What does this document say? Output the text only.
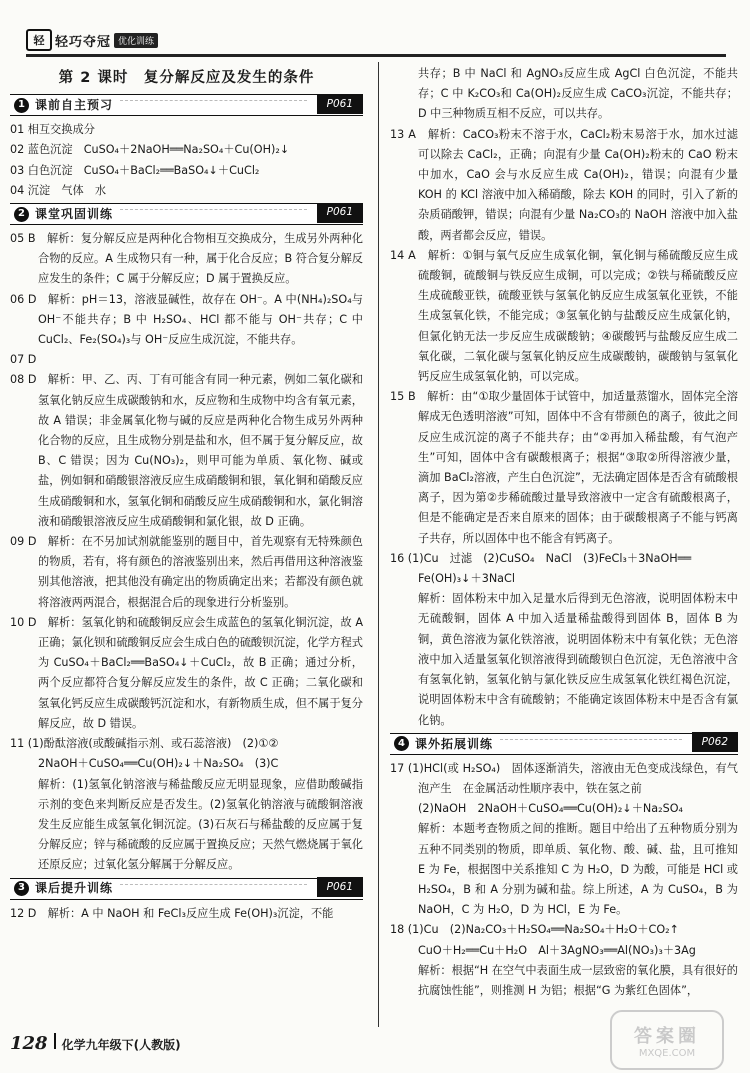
轻 轻巧夺冠 优化训练
第 2 课时　复分解反应及发生的条件
1 课前自主预习	P061

01 相互交换成分

02 蓝色沉淀　CuSO₄＋2NaOH══Na₂SO₄＋Cu(OH)₂↓

03 白色沉淀　CuSO₄＋BaCl₂══BaSO₄↓＋CuCl₂

04 沉淀　气体　水

2 课堂巩固训练	P061

05 B　解析：复分解反应是两种化合物相互交换成分，生成另外两种化合物的反应。A 生成物只有一种，属于化合反应；B 符合复分解反应发生的条件；C 属于分解反应；D 属于置换反应。

06 D　解析：pH＝13，溶液显碱性，故存在 OH⁻。A 中(NH₄)₂SO₄与 OH⁻不能共存；B 中 H₂SO₄、HCl 都不能与 OH⁻共存；C 中 CuCl₂、Fe₂(SO₄)₃与 OH⁻反应生成沉淀，不能共存。

07 D

08 D　解析：甲、乙、丙、丁有可能含有同一种元素，例如二氧化碳和氢氧化钠反应生成碳酸钠和水，反应物和生成物中均含有氧元素，故 A 错误；非金属氧化物与碱的反应是两种化合物生成另外两种化合物的反应，且生成物分别是盐和水，但不属于复分解反应，故 B、C 错误；因为 Cu(NO₃)₂，则甲可能为单质、氧化物、碱或盐，例如铜和硝酸银溶液反应生成硝酸铜和银，氧化铜和硝酸反应生成硝酸铜和水，氢氧化铜和硝酸反应生成硝酸铜和水，氯化铜溶液和硝酸银溶液反应生成硝酸铜和氯化银，故 D 正确。

09 D　解析：在不另加试剂就能鉴别的题目中，首先观察有无特殊颜色的物质，若有，将有颜色的溶液鉴别出来，然后再借用这种溶液鉴别其他溶液，把其他没有确定出的物质确定出来；若都没有颜色就将溶液两两混合，根据混合后的现象进行分析鉴别。

10 D　解析：氢氧化钠和硫酸铜反应会生成蓝色的氢氧化铜沉淀，故 A 正确；氯化钡和硫酸铜反应会生成白色的硫酸钡沉淀，化学方程式为 CuSO₄＋BaCl₂══BaSO₄↓＋CuCl₂，故 B 正确；通过分析，两个反应都符合复分解反应发生的条件，故 C 正确；二氧化碳和氢氧化钙反应生成碳酸钙沉淀和水，有新物质生成，但不属于复分解反应，故 D 错误。

11 (1)酚酞溶液(或酸碱指示剂、或石蕊溶液)　(2)①②

2NaOH＋CuSO₄══Cu(OH)₂↓＋Na₂SO₄　(3)C

解析：(1)氢氧化钠溶液与稀盐酸反应无明显现象，应借助酸碱指示剂的变色来判断反应是否发生。(2)氢氧化钠溶液与硫酸铜溶液发生反应能生成氢氧化铜沉淀。(3)石灰石与稀盐酸的反应属于复分解反应；锌与稀硫酸的反应属于置换反应；天然气燃烧属于氧化还原反应；过氧化氢分解属于分解反应。

3 课后提升训练	P061

12 D　解析：A 中 NaOH 和 FeCl₃反应生成 Fe(OH)₃沉淀，不能

共存；B 中 NaCl 和 AgNO₃反应生成 AgCl 白色沉淀，不能共存；C 中 K₂CO₃和 Ca(OH)₂反应生成 CaCO₃沉淀，不能共存；D 中三种物质互相不反应，可以共存。

13 A　解析：CaCO₃粉末不溶于水，CaCl₂粉末易溶于水，加水过滤可以除去 CaCl₂，正确；向混有少量 Ca(OH)₂粉末的 CaO 粉末中加水，CaO 会与水反应生成 Ca(OH)₂，错误；向混有少量 KOH 的 KCl 溶液中加入稀硝酸，除去 KOH 的同时，引入了新的杂质硝酸钾，错误；向混有少量 Na₂CO₃的 NaOH 溶液中加入盐酸，两者都会反应，错误。

14 A　解析：①铜与氧气反应生成氧化铜，氧化铜与稀硫酸反应生成硫酸铜，硫酸铜与铁反应生成铜，可以完成；②铁与稀硫酸反应生成硫酸亚铁，硫酸亚铁与氢氧化钠反应生成氢氧化亚铁，不能生成氢氧化铁，不能完成；③氢氧化钠与盐酸反应生成氯化钠，但氯化钠无法一步反应生成碳酸钠；④碳酸钙与盐酸反应生成二氧化碳，二氧化碳与氢氧化钠反应生成碳酸钠，碳酸钠与氢氧化钙反应生成氢氧化钠，可以完成。

15 B　解析：由“①取少量固体于试管中，加适量蒸馏水，固体完全溶解成无色透明溶液”可知，固体中不含有带颜色的离子，彼此之间反应生成沉淀的离子不能共存；由“②再加入稀盐酸，有气泡产生”可知，固体中含有碳酸根离子；根据“③取②所得溶液少量，滴加 BaCl₂溶液，产生白色沉淀”，无法确定固体是否含有硫酸根离子，因为第②步稀硫酸过量导致溶液中一定含有硫酸根离子，但是不能确定是否来自原来的固体；由于碳酸根离子不能与钙离子共存，所以固体中也不能含有钙离子。

16 (1)Cu　过滤　(2)CuSO₄　NaCl　(3)FeCl₃＋3NaOH══

Fe(OH)₃↓＋3NaCl

解析：固体粉末中加入足量水后得到无色溶液，说明固体粉末中无硫酸铜，固体 A 中加入适量稀盐酸得到固体 B，固体 B 为铜，黄色溶液为氯化铁溶液，说明固体粉末中有氧化铁；无色溶液中加入适量氢氧化钡溶液得到硫酸钡白色沉淀，无色溶液中含有氢氧化钠，氢氧化钠与氯化铁反应生成氢氧化铁红褐色沉淀，说明固体粉末中含有硫酸钠；不能确定该固体粉末中是否含有氯化钠。

4 课外拓展训练	P062

17 (1)HCl(或 H₂SO₄)　固体逐渐消失，溶液由无色变成浅绿色，有气泡产生　在金属活动性顺序表中，铁在氢之前

(2)NaOH　2NaOH＋CuSO₄══Cu(OH)₂↓＋Na₂SO₄

解析：本题考查物质之间的推断。题目中给出了五种物质分别为五种不同类别的物质，即单质、氧化物、酸、碱、盐，且可推知 E 为 Fe，根据图中关系推知 C 为 H₂O，D 为酸，可能是 HCl 或 H₂SO₄，B 和 A 分别为碱和盐。综上所述，A 为 CuSO₄，B 为 NaOH，C 为 H₂O，D 为 HCl，E 为 Fe。

18 (1)Cu　(2)Na₂CO₃＋H₂SO₄══Na₂SO₄＋H₂O＋CO₂↑

CuO＋H₂══Cu＋H₂O　Al＋3AgNO₃══Al(NO₃)₃＋3Ag

解析：根据“H 在空气中表面生成一层致密的氧化膜，具有很好的抗腐蚀性能”，则推测 H 为铝；根据“G 为紫红色固体”，

128 化学九年级下(人教版)	答案圈
MXQE.COM
